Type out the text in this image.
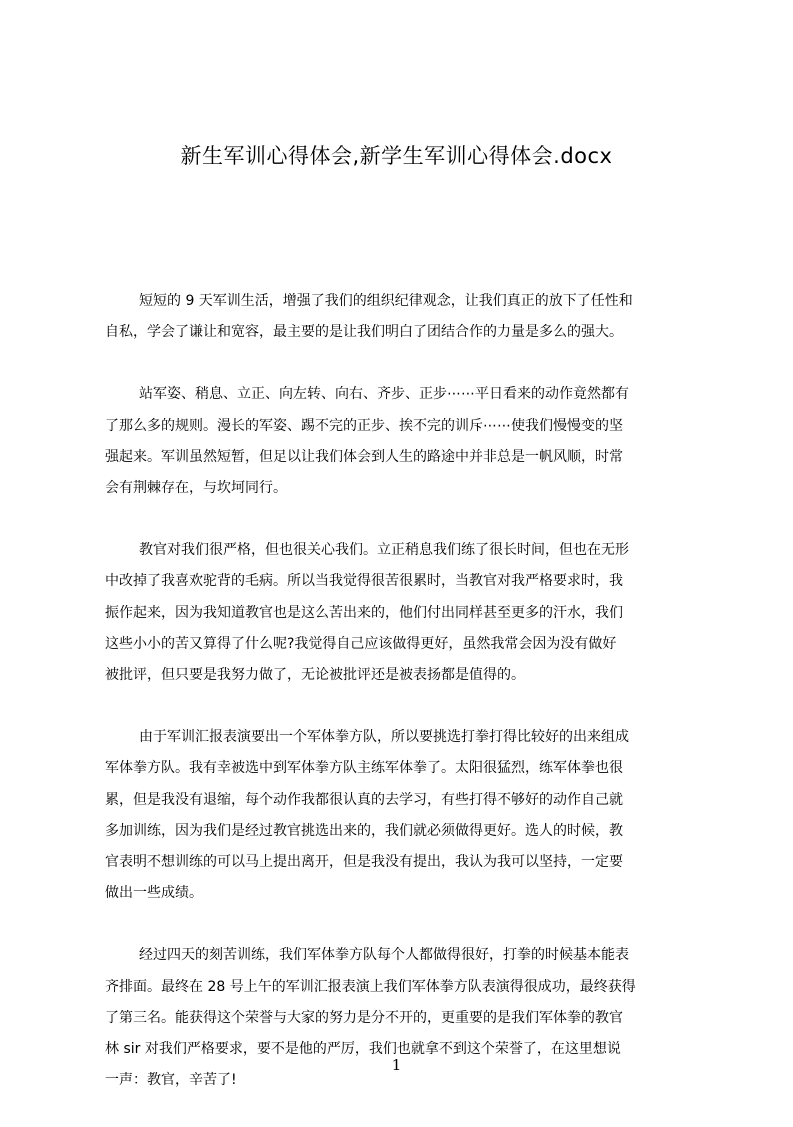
新生军训心得体会,新学生军训心得体会.docx
短短的 9 天军训生活，增强了我们的组织纪律观念，让我们真正的放下了任性和
自私，学会了谦让和宽容，最主要的是让我们明白了团结合作的力量是多么的强大。
站军姿、稍息、立正、向左转、向右、齐步、正步⋯⋯平日看来的动作竟然都有
了那么多的规则。漫长的军姿、踢不完的正步、挨不完的训斥⋯⋯使我们慢慢变的坚
强起来。军训虽然短暂，但足以让我们体会到人生的路途中并非总是一帆风顺，时常
会有荆棘存在，与坎坷同行。
教官对我们很严格，但也很关心我们。立正稍息我们练了很长时间，但也在无形
中改掉了我喜欢驼背的毛病。所以当我觉得很苦很累时，当教官对我严格要求时，我
振作起来，因为我知道教官也是这么苦出来的，他们付出同样甚至更多的汗水，我们
这些小小的苦又算得了什么呢?我觉得自己应该做得更好，虽然我常会因为没有做好
被批评，但只要是我努力做了，无论被批评还是被表扬都是值得的。
由于军训汇报表演要出一个军体拳方队，所以要挑选打拳打得比较好的出来组成
军体拳方队。我有幸被选中到军体拳方队主练军体拳了。太阳很猛烈，练军体拳也很
累，但是我没有退缩，每个动作我都很认真的去学习，有些打得不够好的动作自己就
多加训练，因为我们是经过教官挑选出来的，我们就必须做得更好。选人的时候，教
官表明不想训练的可以马上提出离开，但是我没有提出，我认为我可以坚持，一定要
做出一些成绩。
经过四天的刻苦训练，我们军体拳方队每个人都做得很好，打拳的时候基本能表
齐排面。最终在 28 号上午的军训汇报表演上我们军体拳方队表演得很成功，最终获得
了第三名。能获得这个荣誉与大家的努力是分不开的，更重要的是我们军体拳的教官
林 sir 对我们严格要求，要不是他的严厉，我们也就拿不到这个荣誉了，在这里想说
一声：教官，辛苦了!
1
